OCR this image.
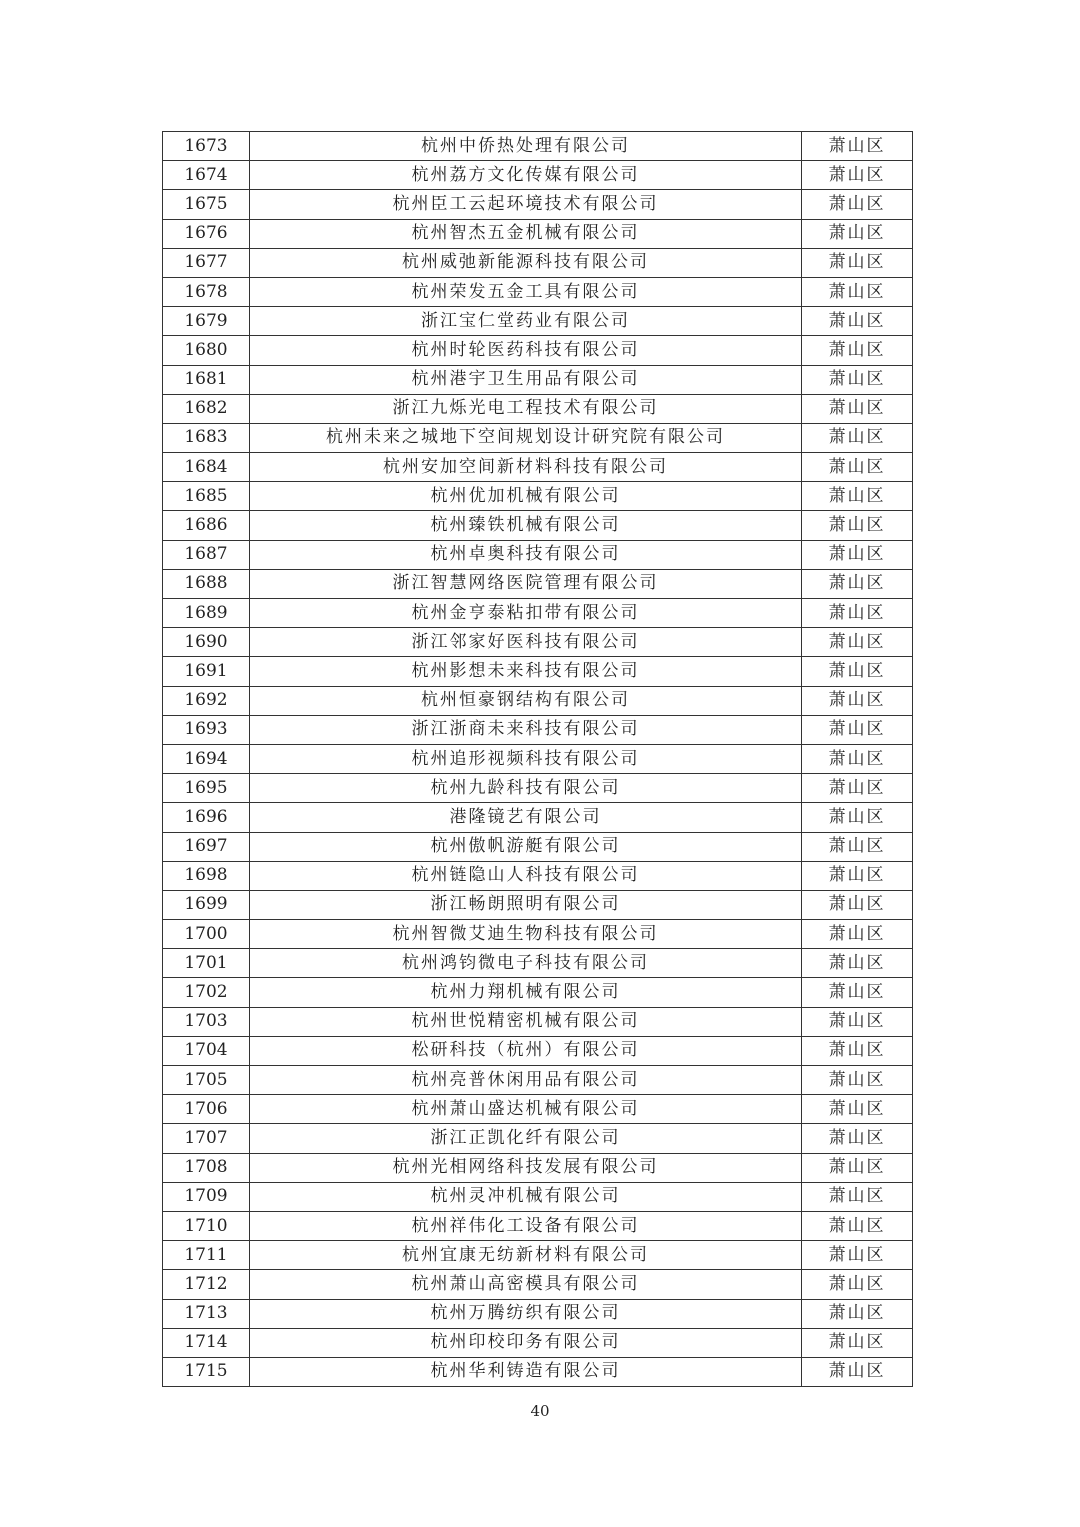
1673	杭州中侨热处理有限公司	萧山区
1674	杭州荔方文化传媒有限公司	萧山区
1675	杭州臣工云起环境技术有限公司	萧山区
1676	杭州智杰五金机械有限公司	萧山区
1677	杭州威弛新能源科技有限公司	萧山区
1678	杭州荣发五金工具有限公司	萧山区
1679	浙江宝仁堂药业有限公司	萧山区
1680	杭州时轮医药科技有限公司	萧山区
1681	杭州港宇卫生用品有限公司	萧山区
1682	浙江九烁光电工程技术有限公司	萧山区
1683	杭州未来之城地下空间规划设计研究院有限公司	萧山区
1684	杭州安加空间新材料科技有限公司	萧山区
1685	杭州优加机械有限公司	萧山区
1686	杭州臻铁机械有限公司	萧山区
1687	杭州卓奥科技有限公司	萧山区
1688	浙江智慧网络医院管理有限公司	萧山区
1689	杭州金亨泰粘扣带有限公司	萧山区
1690	浙江邻家好医科技有限公司	萧山区
1691	杭州影想未来科技有限公司	萧山区
1692	杭州恒豪钢结构有限公司	萧山区
1693	浙江浙商未来科技有限公司	萧山区
1694	杭州追形视频科技有限公司	萧山区
1695	杭州九龄科技有限公司	萧山区
1696	港隆镜艺有限公司	萧山区
1697	杭州傲帆游艇有限公司	萧山区
1698	杭州链隐山人科技有限公司	萧山区
1699	浙江畅朗照明有限公司	萧山区
1700	杭州智微艾迪生物科技有限公司	萧山区
1701	杭州鸿钧微电子科技有限公司	萧山区
1702	杭州力翔机械有限公司	萧山区
1703	杭州世悦精密机械有限公司	萧山区
1704	松研科技（杭州）有限公司	萧山区
1705	杭州亮普休闲用品有限公司	萧山区
1706	杭州萧山盛达机械有限公司	萧山区
1707	浙江正凯化纤有限公司	萧山区
1708	杭州光相网络科技发展有限公司	萧山区
1709	杭州灵冲机械有限公司	萧山区
1710	杭州祥伟化工设备有限公司	萧山区
1711	杭州宜康无纺新材料有限公司	萧山区
1712	杭州萧山高密模具有限公司	萧山区
1713	杭州万腾纺织有限公司	萧山区
1714	杭州印校印务有限公司	萧山区
1715	杭州华利铸造有限公司	萧山区
40
